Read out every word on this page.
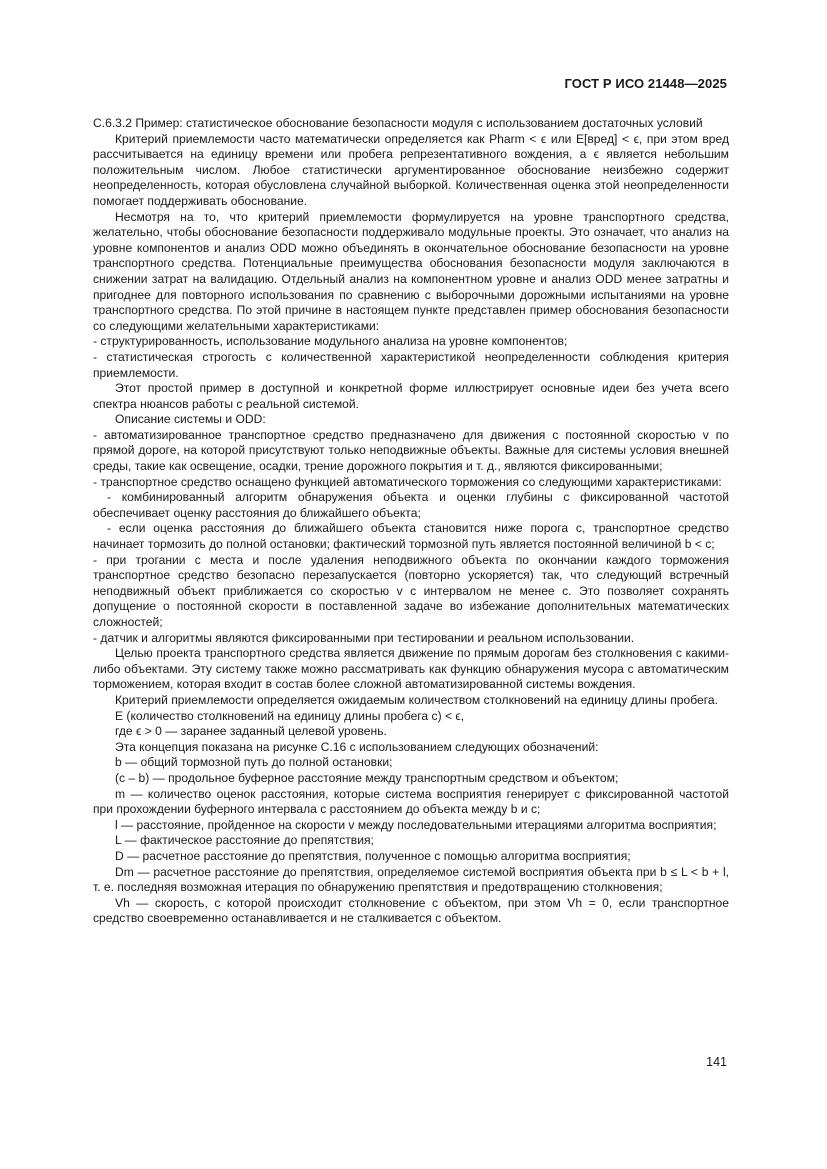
ГОСТ Р ИСО 21448—2025

С.6.3.2 Пример: статистическое обоснование безопасности модуля с использованием достаточных условий

Критерий приемлемости часто математически определяется как Pharm < ϵ или E[вред] < ϵ, при этом вред рассчитывается на единицу времени или пробега репрезентативного вождения, а ϵ является небольшим положительным числом. Любое статистически аргументированное обоснование неизбежно содержит неопределенность, которая обусловлена случайной выборкой. Количественная оценка этой неопределенности помогает поддерживать обоснование.

Несмотря на то, что критерий приемлемости формулируется на уровне транспортного средства, желательно, чтобы обоснование безопасности поддерживало модульные проекты. Это означает, что анализ на уровне компонентов и анализ ODD можно объединять в окончательное обоснование безопасности на уровне транспортного средства. Потенциальные преимущества обоснования безопасности модуля заключаются в снижении затрат на валидацию. Отдельный анализ на компонентном уровне и анализ ODD менее затратны и пригоднее для повторного использования по сравнению с выборочными дорожными испытаниями на уровне транспортного средства. По этой причине в настоящем пункте представлен пример обоснования безопасности со следующими желательными характеристиками:

- структурированность, использование модульного анализа на уровне компонентов;

- статистическая строгость с количественной характеристикой неопределенности соблюдения критерия приемлемости.

Этот простой пример в доступной и конкретной форме иллюстрирует основные идеи без учета всего спектра нюансов работы с реальной системой.

Описание системы и ODD:

- автоматизированное транспортное средство предназначено для движения с постоянной скоростью v по прямой дороге, на которой присутствуют только неподвижные объекты. Важные для системы условия внешней среды, такие как освещение, осадки, трение дорожного покрытия и т. д., являются фиксированными;

- транспортное средство оснащено функцией автоматического торможения со следующими характеристиками:

- комбинированный алгоритм обнаружения объекта и оценки глубины с фиксированной частотой обеспечивает оценку расстояния до ближайшего объекта;

- если оценка расстояния до ближайшего объекта становится ниже порога c, транспортное средство начинает тормозить до полной остановки; фактический тормозной путь является постоянной величиной b < c;

- при трогании с места и после удаления неподвижного объекта по окончании каждого торможения транспортное средство безопасно перезапускается (повторно ускоряется) так, что следующий встречный неподвижный объект приближается со скоростью v с интервалом не менее c. Это позволяет сохранять допущение о постоянной скорости в поставленной задаче во избежание дополнительных математических сложностей;

- датчик и алгоритмы являются фиксированными при тестировании и реальном использовании.

Целью проекта транспортного средства является движение по прямым дорогам без столкновения с какими-либо объектами. Эту систему также можно рассматривать как функцию обнаружения мусора с автоматическим торможением, которая входит в состав более сложной автоматизированной системы вождения.

Критерий приемлемости определяется ожидаемым количеством столкновений на единицу длины пробега.

E (количество столкновений на единицу длины пробега c) < ϵ,

где ϵ > 0 — заранее заданный целевой уровень.

Эта концепция показана на рисунке С.16 с использованием следующих обозначений:

b — общий тормозной путь до полной остановки;

(c – b) — продольное буферное расстояние между транспортным средством и объектом;

m — количество оценок расстояния, которые система восприятия генерирует с фиксированной частотой при прохождении буферного интервала с расстоянием до объекта между b и c;

l — расстояние, пройденное на скорости v между последовательными итерациями алгоритма восприятия;

L — фактическое расстояние до препятствия;

D — расчетное расстояние до препятствия, полученное с помощью алгоритма восприятия;

Dm — расчетное расстояние до препятствия, определяемое системой восприятия объекта при b ≤ L < b + l, т. е. последняя возможная итерация по обнаружению препятствия и предотвращению столкновения;

Vh — скорость, с которой происходит столкновение с объектом, при этом Vh = 0, если транспортное средство своевременно останавливается и не сталкивается с объектом.

141
